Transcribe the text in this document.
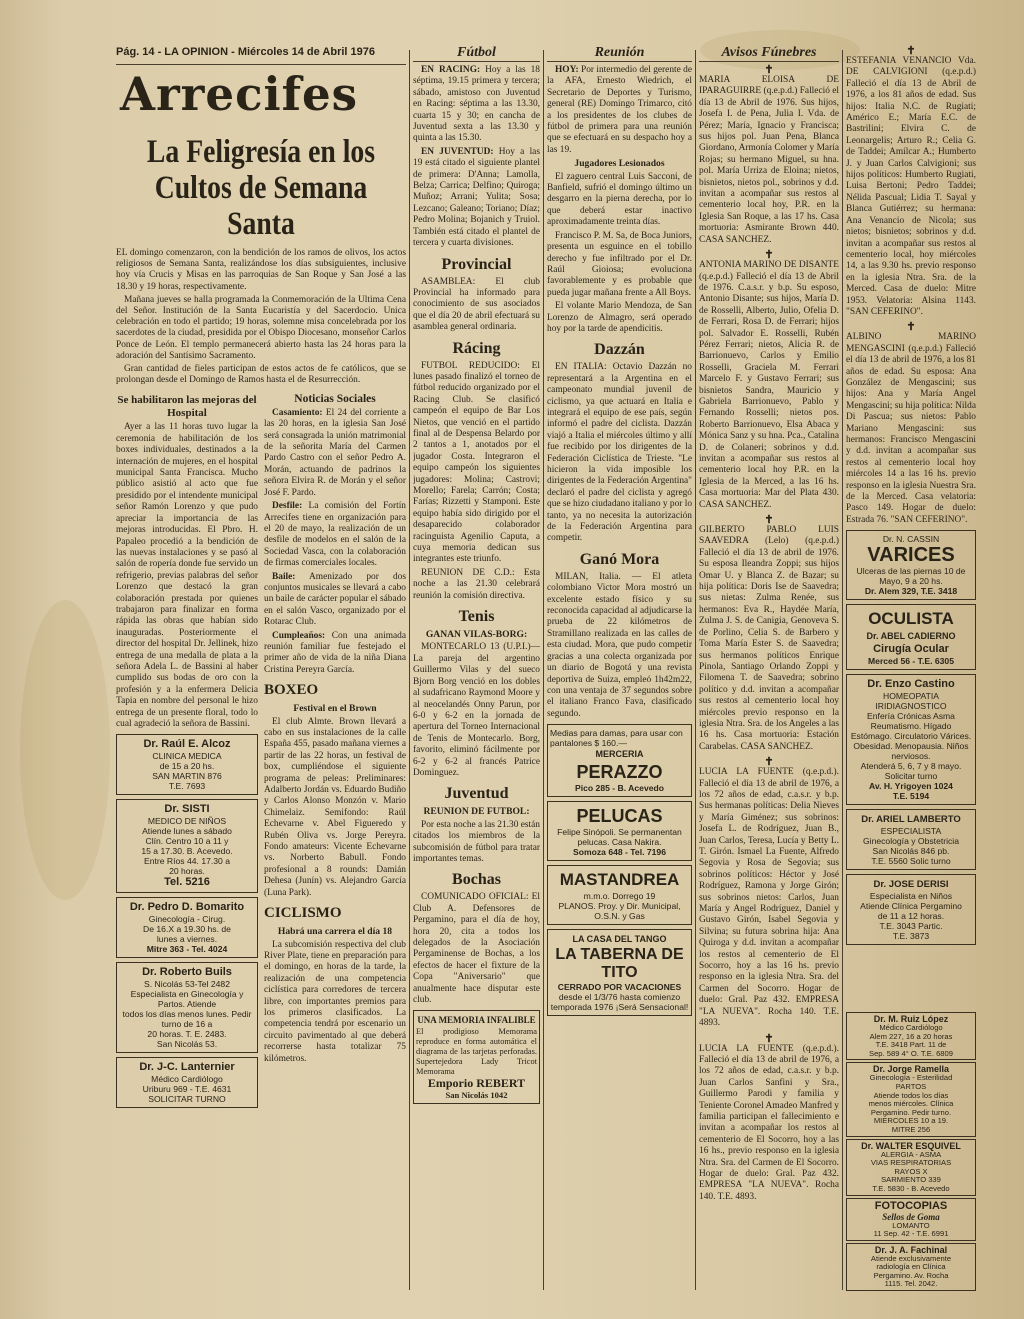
Pág. 14 - LA OPINION - Miércoles 14 de Abril 1976
Arrecifes
La Feligresía en los Cultos de Semana Santa
EL domingo comenzaron, con la bendición de los ramos de olivos, los actos religiosos de Semana Santa, realizándose los días subsiguientes, inclusive hoy vía Crucis y Misas en las parroquias de San Roque y San José a las 18.30 y 19 horas, respectivamente.
Mañana jueves se halla programada la Conmemoración de la Ultima Cena del Señor. Institución de la Santa Eucaristía y del Sacerdocio. Unica celebración en todo el partido; 19 horas, solemne misa concelebrada por los sacerdotes de la ciudad, presidida por el Obispo Diocesano, monseñor Carlos Ponce de León. El templo permanecerá abierto hasta las 24 horas para la adoración del Santísimo Sacramento.
Gran cantidad de fieles participan de estos actos de fe católicos, que se prolongan desde el Domingo de Ramos hasta el de Resurrección.
Se habilitaron las mejoras del Hospital
Ayer a las 11 horas tuvo lugar la ceremonia de habilitación de los boxes individuales, destinados a la internación de mujeres, en el hospital municipal Santa Francisca. Mucho público asistió al acto que fue presidido por el intendente municipal señor Ramón Lorenzo y que pudo apreciar la importancia de las mejoras introducidas. El Pbro. H. Papaleo procedió a la bendición de las nuevas instalaciones y se pasó al salón de ropería donde fue servido un refrigerio, previas palabras del señor Lorenzo que destacó la gran colaboración prestada por quienes trabajaron para finalizar en forma rápida las obras que habían sido inauguradas. Posteriormente el director del hospital Dr. Jellinek, hizo entrega de una medalla de plata a la señora Adela L. de Bassini al haber cumplido sus bodas de oro con la profesión y a la enfermera Delicia Tapia en nombre del personal le hizo entrega de un presente floral, todo lo cual agradeció la señora de Bassini.
Dr. Raúl E. Alcoz
CLINICA MEDICA
de 15 a 20 hs.
SAN MARTIN 876
T.E. 7693
Dr. SISTI
MEDICO DE NIÑOS
Atiende lunes a sábado
Clín. Centro 10 a 11 y
15 a 17.30. B. Acevedo.
Entre Ríos 44. 17.30 a
20 horas.
Tel. 5216
Dr. Pedro D. Bomarito
Ginecología - Cirug.
De 16.X a 19.30 hs. de
lunes a viernes.
Mitre 363 - Tel. 4024
Dr. Roberto Buils
S. Nicolás 53-Tel 2482
Especialista en Ginecología y Partos. Atiende
todos los días menos lunes. Pedir turno de 16 a
20 horas. T. E. 2483.
San Nicolás 53.
Dr. J-C. Lanternier
Médico Cardiólogo
Uriburu 969 - T.E. 4631
SOLICITAR TURNO
Noticias Sociales
Casamiento: El 24 del corriente a las 20 horas, en la iglesia San José será consagrada la unión matrimonial de la señorita María del Carmen Pardo Castro con el señor Pedro A. Morán, actuando de padrinos la señora Elvira R. de Morán y el señor José F. Pardo.
Desfile: La comisión del Fortín Arrecifes tiene en organización para el 20 de mayo, la realización de un desfile de modelos en el salón de la Sociedad Vasca, con la colaboración de firmas comerciales locales.
Baile: Amenizado por dos conjuntos musicales se llevará a cabo un baile de carácter popular el sábado en el salón Vasco, organizado por el Rotarac Club.
Cumpleaños: Con una animada reunión familiar fue festejado el primer año de vida de la niña Diana Cristina Pereyra García.
BOXEO
Festival en el Brown
El club Almte. Brown llevará a cabo en sus instalaciones de la calle España 455, pasado mañana viernes a partir de las 22 horas, un festival de box, cumpliéndose el siguiente programa de peleas: Preliminares: Adalberto Jordán vs. Eduardo Budiño y Carlos Alonso Monzón v. Mario Chimelaiz. Semifondo: Raúl Echevarne v. Abel Figueredo y Rubén Oliva vs. Jorge Pereyra. Fondo amateurs: Vicente Echevarne vs. Norberto Babull. Fondo profesional a 8 rounds: Damián Dehesa (Junín) vs. Alejandro García (Luna Park).
CICLISMO
Habrá una carrera el día 18
La subcomisión respectiva del club River Plate, tiene en preparación para el domingo, en horas de la tarde, la realización de una competencia ciclística para corredores de tercera libre, con importantes premios para los primeros clasificados. La competencia tendrá por escenario un circuito pavimentado al que deberá recorrerse hasta totalizar 75 kilómetros.
Fútbol
EN RACING: Hoy a las 18 séptima, 19.15 primera y tercera; sábado, amistoso con Juventud en Racing: séptima a las 13.30, cuarta 15 y 30; en cancha de Juventud sexta a las 13.30 y quinta a las 15.30.
EN JUVENTUD: Hoy a las 19 está citado el siguiente plantel de primera: D'Anna; Lamolla, Belza; Carrica; Delfino; Quiroga; Muñoz; Arrani; Yulita; Sosa; Lezcano; Galeano; Toriano; Díaz; Pedro Molina; Bojanich y Truiol. También está citado el plantel de tercera y cuarta divisiones.
Provincial
ASAMBLEA: El club Provincial ha informado para conocimiento de sus asociados que el día 20 de abril efectuará su asamblea general ordinaria.
Rácing
FUTBOL REDUCIDO: El lunes pasado finalizó el torneo de fútbol reducido organizado por el Racing Club. Se clasificó campeón el equipo de Bar Los Nietos, que venció en el partido final al de Despensa Belardo por 2 tantos a 1, anotados por el jugador Costa. Integraron el equipo campeón los siguientes jugadores: Molina; Castrovi; Morello; Farela; Carrón; Costa; Farías; Rizzetti y Stamponi. Este equipo había sido dirigido por el desaparecido colaborador racinguista Agenilio Caputa, a cuya memoria dedican sus integrantes este triunfo.
REUNION DE C.D.: Esta noche a las 21.30 celebrará reunión la comisión directiva.
Tenis
GANAN VILAS-BORG:
MONTECARLO 13 (U.P.I.)—La pareja del argentino Guillermo Vilas y del sueco Bjorn Borg venció en los dobles al sudafricano Raymond Moore y al neocelandés Onny Parun, por 6-0 y 6-2 en la jornada de apertura del Torneo Internacional de Tenis de Montecarlo. Borg, favorito, eliminó fácilmente por 6-2 y 6-2 al francés Patrice Dominguez.
Juventud
REUNION DE FUTBOL:
Por esta noche a las 21.30 están citados los miembros de la subcomisión de fútbol para tratar importantes temas.
Bochas
COMUNICADO OFICIAL: El Club A. Defensores de Pergamino, para el día de hoy, hora 20, cita a todos los delegados de la Asociación Pergaminense de Bochas, a los efectos de hacer el fixture de la Copa "Aniversario" que anualmente hace disputar este club.
UNA MEMORIA INFALIBLE
El prodigioso Memorama reproduce en forma automática el diagrama de las tarjetas perforadas. Supertejedora Lady Tricot Memorama
Emporio REBERT
San Nicolás 1042
Reunión
HOY: Por intermedio del gerente de la AFA, Ernesto Wiedrich, el Secretario de Deportes y Turismo, general (RE) Domingo Trimarco, citó a los presidentes de los clubes de fútbol de primera para una reunión que se efectuará en su despacho hoy a las 19.
Jugadores Lesionados
El zaguero central Luis Sacconi, de Banfield, sufrió el domingo último un desgarro en la pierna derecha, por lo que deberá estar inactivo aproximadamente treinta días.
Francisco P. M. Sa, de Boca Juniors, presenta un esguince en el tobillo derecho y fue infiltrado por el Dr. Raúl Gioiosa; evoluciona favorablemente y es probable que pueda jugar mañana frente a All Boys.
El volante Mario Mendoza, de San Lorenzo de Almagro, será operado hoy por la tarde de apendicitis.
Dazzán
EN ITALIA: Octavio Dazzán no representará a la Argentina en el campeonato mundial juvenil de ciclismo, ya que actuará en Italia e integrará el equipo de ese país, según informó el padre del ciclista. Dazzán viajó a Italia el miércoles último y allí fue recibido por los dirigentes de la Federación Ciclística de Trieste. "Le hicieron la vida imposible los dirigentes de la Federación Argentina" declaró el padre del ciclista y agregó que se hizo ciudadano italiano y por lo tanto, ya no necesita la autorización de la Federación Argentina para competir.
Ganó Mora
MILAN, Italia. — El atleta colombiano Victor Mora mostró un excelente estado físico y su reconocida capacidad al adjudicarse la prueba de 22 kilómetros de Stramillano realizada en las calles de esta ciudad. Mora, que pudo competir gracias a una colecta organizada por un diario de Bogotá y una revista deportiva de Suiza, empleó 1h42m22, con una ventaja de 37 segundos sobre el italiano Franco Fava, clasificado segundo.
Medias para damas, para usar con pantalones $ 160.—
MERCERIA
PERAZZO
Pico 285 - B. Acevedo
PELUCAS
Felipe Sinópoli. Se permanentan pelucas. Casa Nakira.
Somoza 648 - Tel. 7196
MASTANDREA
m.m.o. Dorrego 19
PLANOS. Proy. y Dir. Municipal, O.S.N. y Gas
LA CASA DEL TANGO
LA TABERNA DE TITO
CERRADO POR VACACIONES
desde el 1/3/76 hasta comienzo temporada 1976 ¡Será Sensacional!
Avisos Fúnebres
✝
MARIA ELOISA DE IPARAGUIRRE (q.e.p.d.) Falleció el día 13 de Abril de 1976. Sus hijos, Josefa I. de Pena, Julia I. Vda. de Pérez; María, Ignacio y Francisca; sus hijos pol. Juan Pena, Blanca Giordano, Armonía Colomer y María Rojas; su hermano Miguel, su hna. pol. María Urriza de Eloina; nietos, bisnietos, nietos pol., sobrinos y d.d. invitan a acompañar sus restos al cementerio local hoy, P.R. en la Iglesia San Roque, a las 17 hs. Casa mortuoria: Asmirante Brown 440. CASA SANCHEZ.
✝
ANTONIA MARINO DE DISANTE (q.e.p.d.) Falleció el día 13 de Abril de 1976. C.a.s.r. y b.p. Su esposo, Antonio Disante; sus hijos, María D. de Rosselli, Alberto, Julio, Ofelia D. de Ferrari, Rosa D. de Ferrari; hijos pol. Salvador E. Rosselli, Rubén Pérez Ferrari; nietos, Alicia R. de Barrionuevo, Carlos y Emilio Rosselli, Graciela M. Ferrari Marcelo F. y Gustavo Ferrari; sus bisnietos Sandra, Mauricio y Gabriela Barrionuevo, Pablo y Fernando Rosselli; nietos pos. Roberto Barrionuevo, Elsa Abaca y Mónica Sanz y su hna. Pca., Catalina D. de Colaneri; sobrinos y d.d. invitan a acompañar sus restos al cementerio local hoy P.R. en la Iglesia de la Merced, a las 16 hs. Casa mortuoria: Mar del Plata 430. CASA SANCHEZ.
✝
GILBERTO PABLO LUIS SAAVEDRA (Lelo) (q.e.p.d.) Falleció el día 13 de abril de 1976. Su esposa Ileandra Zoppi; sus hijos Omar U. y Blanca Z. de Bazar; su hija política: Doris Ise de Saavedra; sus nietas: Zulma Renée, sus hermanos: Eva R., Haydée María, Zulma J. S. de Canigia, Genoveva S. de Porlino, Celia S. de Barbero y Toma María Ester S. de Saavedra; sus hermanos políticos Enrique Pinola, Santiago Orlando Zoppi y Filomena T. de Saavedra; sobrino político y d.d. invitan a acompañar sus restos al cementerio local hoy miércoles previo responso en la iglesia Ntra. Sra. de los Angeles a las 16 hs. Casa mortuoria: Estación Carabelas. CASA SANCHEZ.
✝
LUCIA LA FUENTE (q.e.p.d.). Falleció el día 13 de abril de 1976, a los 72 años de edad, c.a.s.r. y b.p. Sus hermanas políticas: Delia Nieves y María Giménez; sus sobrinos: Josefa L. de Rodríguez, Juan B., Juan Carlos, Teresa, Lucía y Betty L. T. Girón. Ismael La Fuente, Alfredo Segovia y Rosa de Segovia; sus sobrinos políticos: Héctor y José Rodríguez, Ramona y Jorge Girón; sus sobrinos nietos: Carlos, Juan María y Angel Rodríguez, Daniel y Gustavo Girón, Isabel Segovia y Silvina; su futura sobrina hija: Ana Quiroga y d.d. invitan a acompañar los restos al cementerio de El Socorro, hoy a las 16 hs. previo responso en la iglesia Ntra. Sra. del Carmen del Socorro. Hogar de duelo: Gral. Paz 432. EMPRESA "LA NUEVA". Rocha 140. T.E. 4893.
✝
LUCIA LA FUENTE (q.e.p.d.). Falleció el día 13 de abril de 1976, a los 72 años de edad, c.a.s.r. y b.p. Juan Carlos Sanfini y Sra., Guillermo Parodi y familia y Teniente Coronel Amadeo Manfred y familia participan el fallecimiento e invitan a acompañar los restos al cementerio de El Socorro, hoy a las 16 hs., previo responso en la iglesia Ntra. Sra. del Carmen de El Socorro. Hogar de duelo: Gral. Paz 432. EMPRESA "LA NUEVA". Rocha 140. T.E. 4893.
✝
ESTEFANIA VENANCIO Vda. DE CALVIGIONI (q.e.p.d.) Falleció el día 13 de Abril de 1976, a los 81 años de edad. Sus hijos: Italia N.C. de Rugiati; Américo E.; María E.C. de Bastrilini; Elvira C. de Leonargelis; Arturo R.; Celia G. de Taddei; Amílcar A.; Humberto J. y Juan Carlos Calvigioni; sus hijos políticos: Humberto Rugiati, Luisa Bertoni; Pedro Taddei; Nélida Pascual; Lidia T. Sayal y Blanca Gutiérrez; su hermana: Ana Venancio de Nicola; sus nietos; bisnietos; sobrinos y d.d. invitan a acompañar sus restos al cementerio local, hoy miércoles 14, a las 9.30 hs. previo responso en la iglesia Ntra. Sra. de la Merced. Casa de duelo: Mitre 1953. Velatoria: Alsina 1143. "SAN CEFERINO".
✝
ALBINO MARINO MENGASCINI (q.e.p.d.) Falleció el día 13 de abril de 1976, a los 81 años de edad. Su esposa: Ana González de Mengascini; sus hijos: Ana y María Angel Mengascini; su hija política: Nilda Di Pascua; sus nietos: Pablo Mariano Mengascini: sus hermanos: Francisco Mengascini y d.d. invitan a acompañar sus restos al cementerio local hoy miércoles 14 a las 16 hs. previo responso en la iglesia Nuestra Sra. de la Merced. Casa velatoria: Pasco 149. Hogar de duelo: Estrada 76. "SAN CEFERINO".
Dr. N. CASSIN
VARICES
Ulceras de las piernas 10 de Mayo, 9 a 20 hs.
Dr. Alem 329, T.E. 3418
OCULISTA
Dr. ABEL CADIERNO
Cirugía Ocular
Merced 56 - T.E. 6305
Dr. Enzo Castino
HOMEOPATIA
IRIDIAGNOSTICO
Enfería Crónicas Asma
Reumatismo. Hígado Estómago. Circulatorio Várices. Obesidad. Menopausia. Niños nerviosos.
Atenderá 5, 6, 7 y 8 mayo.
Solicitar turno
Av. H. Yrigoyen 1024
T.E. 5194
Dr. ARIEL LAMBERTO
ESPECIALISTA
Ginecología y Obstetricia
San Nicolás 846 pb.
T.E. 5560 Solic turno
Dr. JOSE DERISI
Especialista en Niños
Atiende Clínica Pergamino
de 11 a 12 horas.
T.E. 3043 Partic.
T.E. 3873
Dr. M. Ruiz López
Médico Cardiólogo
Alem 227, 16 a 20 horas
T.E. 3418 Part. 11 de
Sep. 589 4° O. T.E. 6809
Dr. Jorge Ramella
Ginecología - Esterilidad
PARTOS
Atiende todos los días
menos miércoles. Clínica
Pergamino. Pedir turno.
MIERCOLES 10 a 19.
MITRE 256
Dr. WALTER ESQUIVEL
ALERGIA - ASMA
VIAS RESPIRATORIAS
RAYOS X
SARMIENTO 339
T.E. 5830 - B. Acevedo
FOTOCOPIAS
Sellos de Goma
LOMANTO
11 Sep. 42 - T.E. 6991
Dr. J. A. Fachinal
Atiende exclusivamente
radiología en Clínica
Pergamino. Av. Rocha
1115. Tel. 2042.
